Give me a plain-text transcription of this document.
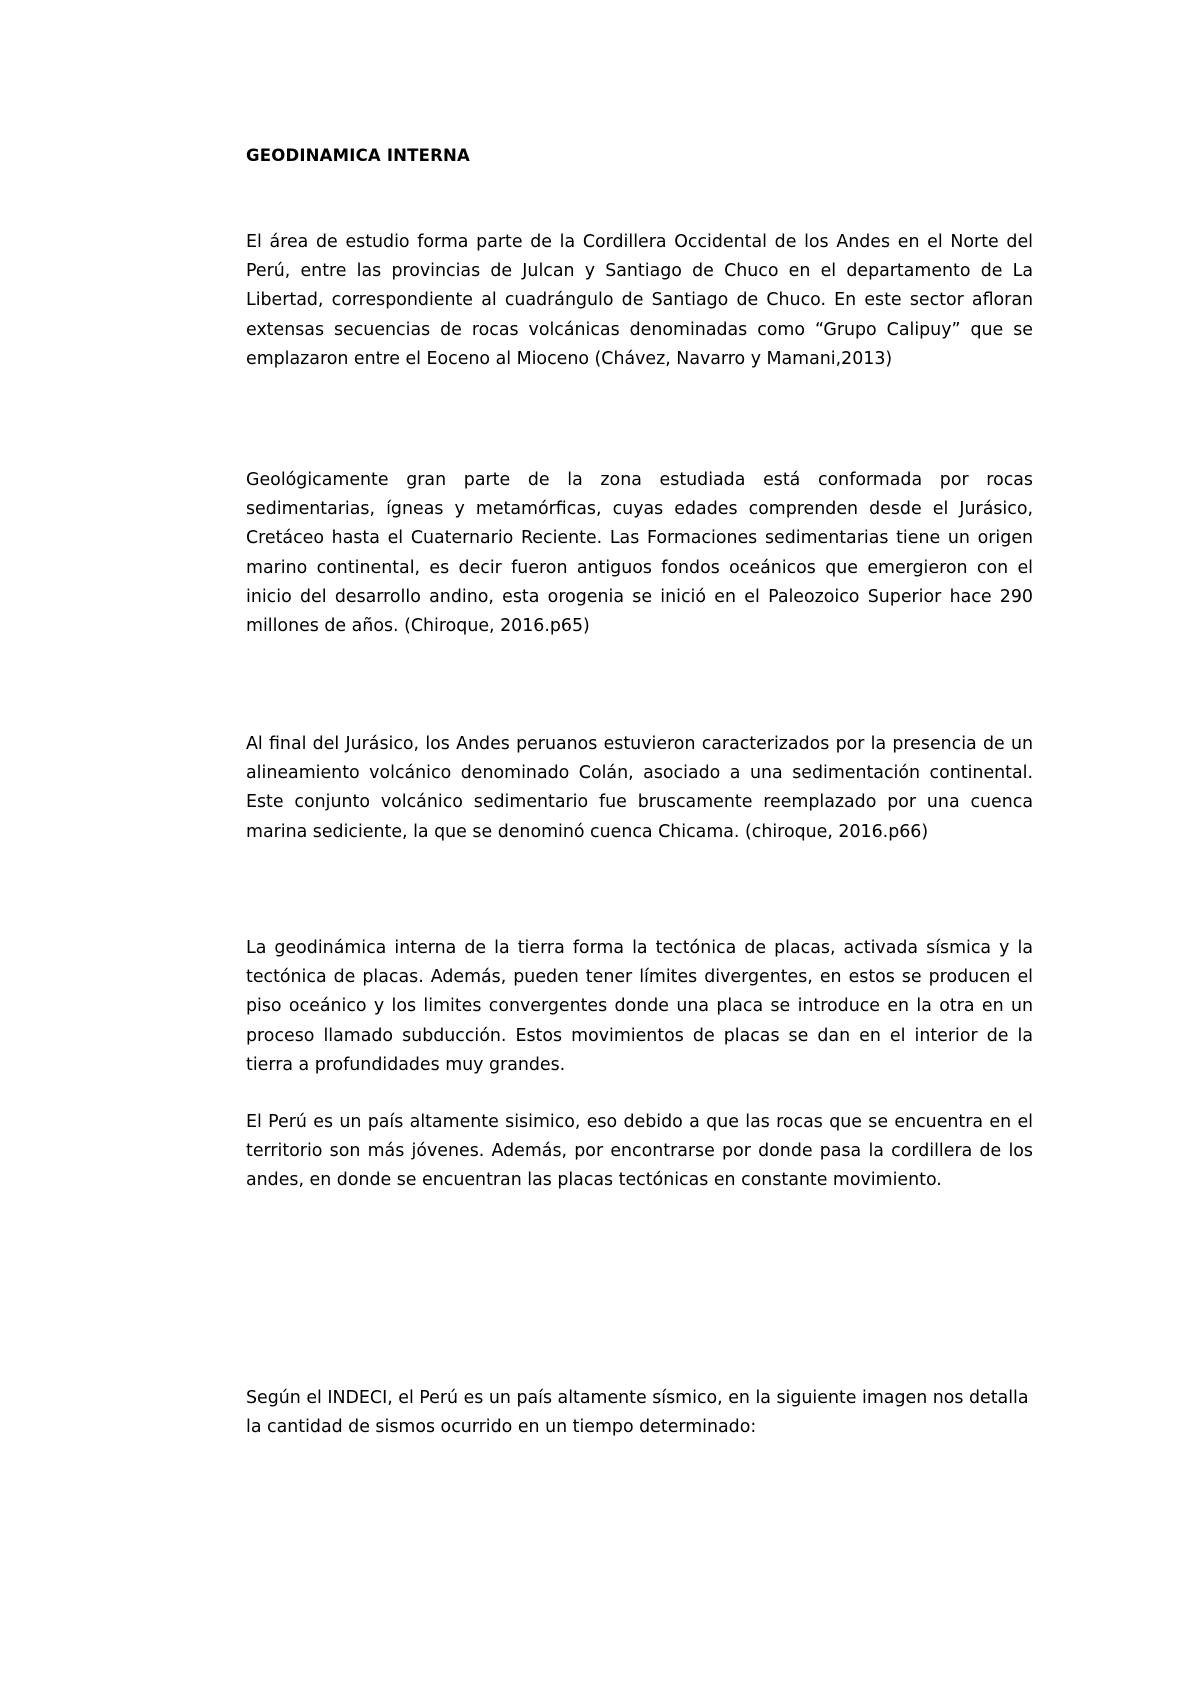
GEODINAMICA INTERNA

El área de estudio forma parte de la Cordillera Occidental de los Andes en el Norte del Perú, entre las provincias de Julcan y Santiago de Chuco en el departamento de La Libertad, correspondiente al cuadrángulo de Santiago de Chuco. En este sector afloran extensas secuencias de rocas volcánicas denominadas como “Grupo Calipuy” que se emplazaron entre el Eoceno al Mioceno (Chávez, Navarro y Mamani,2013)

Geológicamente gran parte de la zona estudiada está conformada por rocas sedimentarias, ígneas y metamórficas, cuyas edades comprenden desde el Jurásico, Cretáceo hasta el Cuaternario Reciente. Las Formaciones sedimentarias tiene un origen marino continental, es decir fueron antiguos fondos oceánicos que emergieron con el inicio del desarrollo andino, esta orogenia se inició en el Paleozoico Superior hace 290 millones de años. (Chiroque, 2016.p65)

Al final del Jurásico, los Andes peruanos estuvieron caracterizados por la presencia de un alineamiento volcánico denominado Colán, asociado a una sedimentación continental. Este conjunto volcánico sedimentario fue bruscamente reemplazado por una cuenca marina sediciente, la que se denominó cuenca Chicama. (chiroque, 2016.p66)

La geodinámica interna de la tierra forma la tectónica de placas, activada sísmica y la tectónica de placas. Además, pueden tener límites divergentes, en estos se producen el piso oceánico y los limites convergentes donde una placa se introduce en la otra en un proceso llamado subducción. Estos movimientos de placas se dan en el interior de la tierra a profundidades muy grandes.

El Perú es un país altamente sisimico, eso debido a que las rocas que se encuentra en el territorio son más jóvenes. Además, por encontrarse por donde pasa la cordillera de los andes, en donde se encuentran las placas tectónicas en constante movimiento.

Según el INDECI, el Perú es un país altamente sísmico, en la siguiente imagen nos detalla la cantidad de sismos ocurrido en un tiempo determinado:
